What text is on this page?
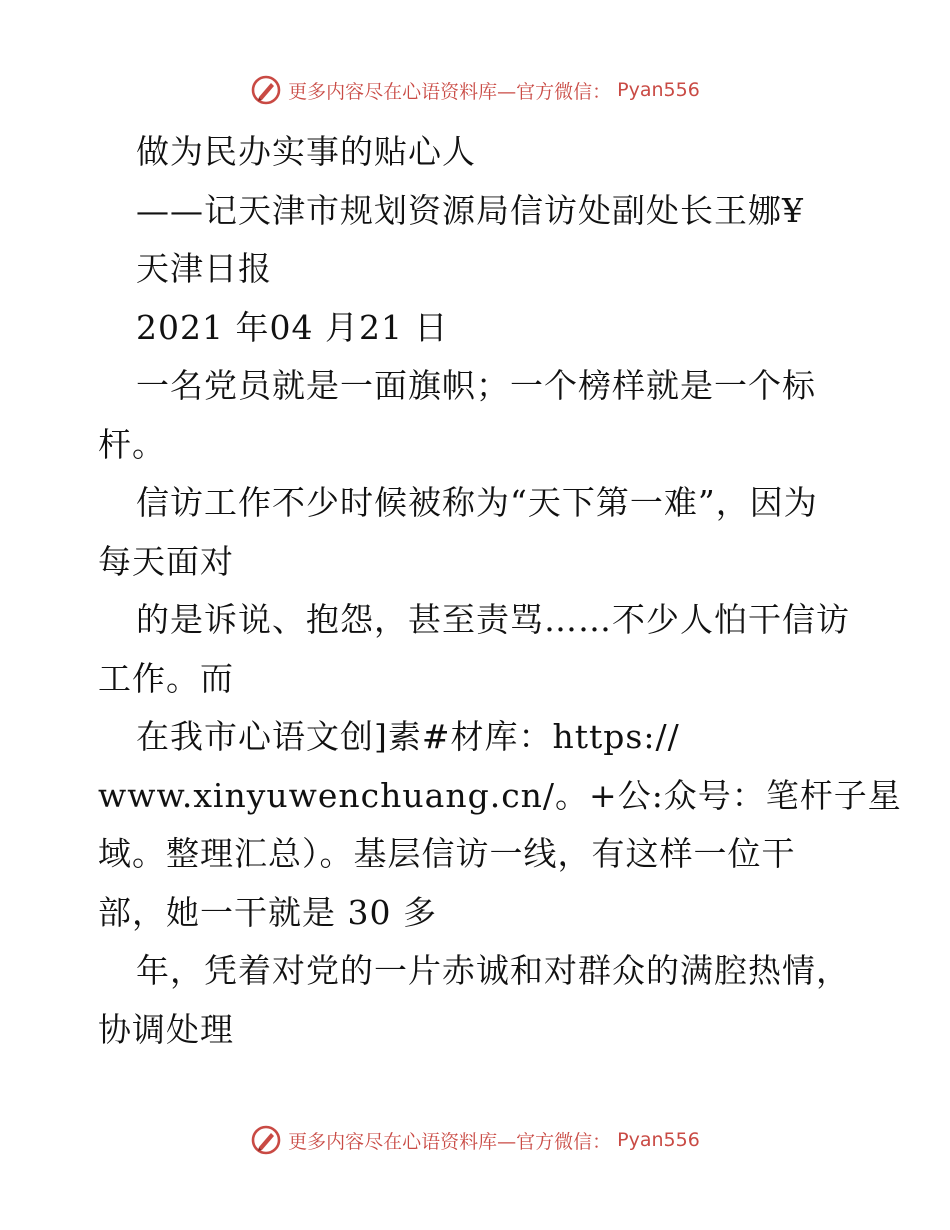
更多内容尽在心语资料库—官方微信： Pyan556
做为民办实事的贴心人
——记天津市规划资源局信访处副处长王娜¥
天津日报
2021 年04 月21 日
一名党员就是一面旗帜；一个榜样就是一个标
杆。
信访工作不少时候被称为“天下第一难”，因为
每天面对
的是诉说、抱怨，甚至责骂……不少人怕干信访
工作。而
在我市心语文创]素#材库：https://
www.xinyuwenchuang.cn/。+公:众号：笔杆子星
域。整理汇总）。基层信访一线，有这样一位干
部，她一干就是 30 多
年，凭着对党的一片赤诚和对群众的满腔热情，
协调处理
更多内容尽在心语资料库—官方微信： Pyan556
